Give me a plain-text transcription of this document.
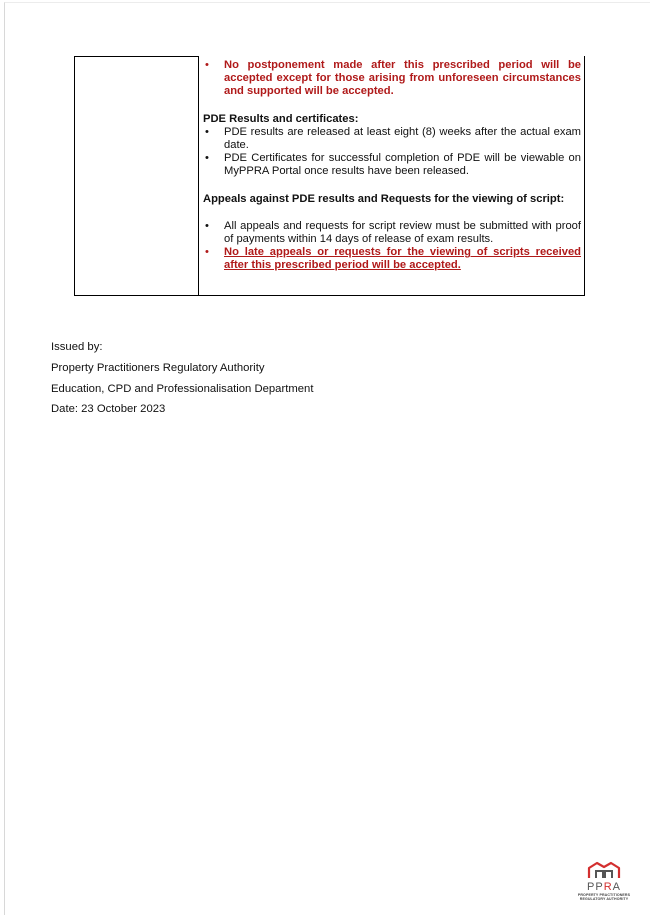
•	No postponement made after this prescribed period will be accepted except for those arising from unforeseen circumstances and supported will be accepted.
PDE Results and certificates:
•	PDE results are released at least eight (8) weeks after the actual exam date.
•	PDE Certificates for successful completion of PDE will be viewable on MyPPRA Portal once results have been released.
Appeals against PDE results and Requests for the viewing of script:
•	All appeals and requests for script review must be submitted with proof of payments within 14 days of release of exam results.
•	No late appeals or requests for the viewing of scripts received after this prescribed period will be accepted.
Issued by:
Property Practitioners Regulatory Authority
Education, CPD and Professionalisation Department
Date: 23 October 2023
PPRA
PROPERTY PRACTITIONERS
REGULATORY AUTHORITY
